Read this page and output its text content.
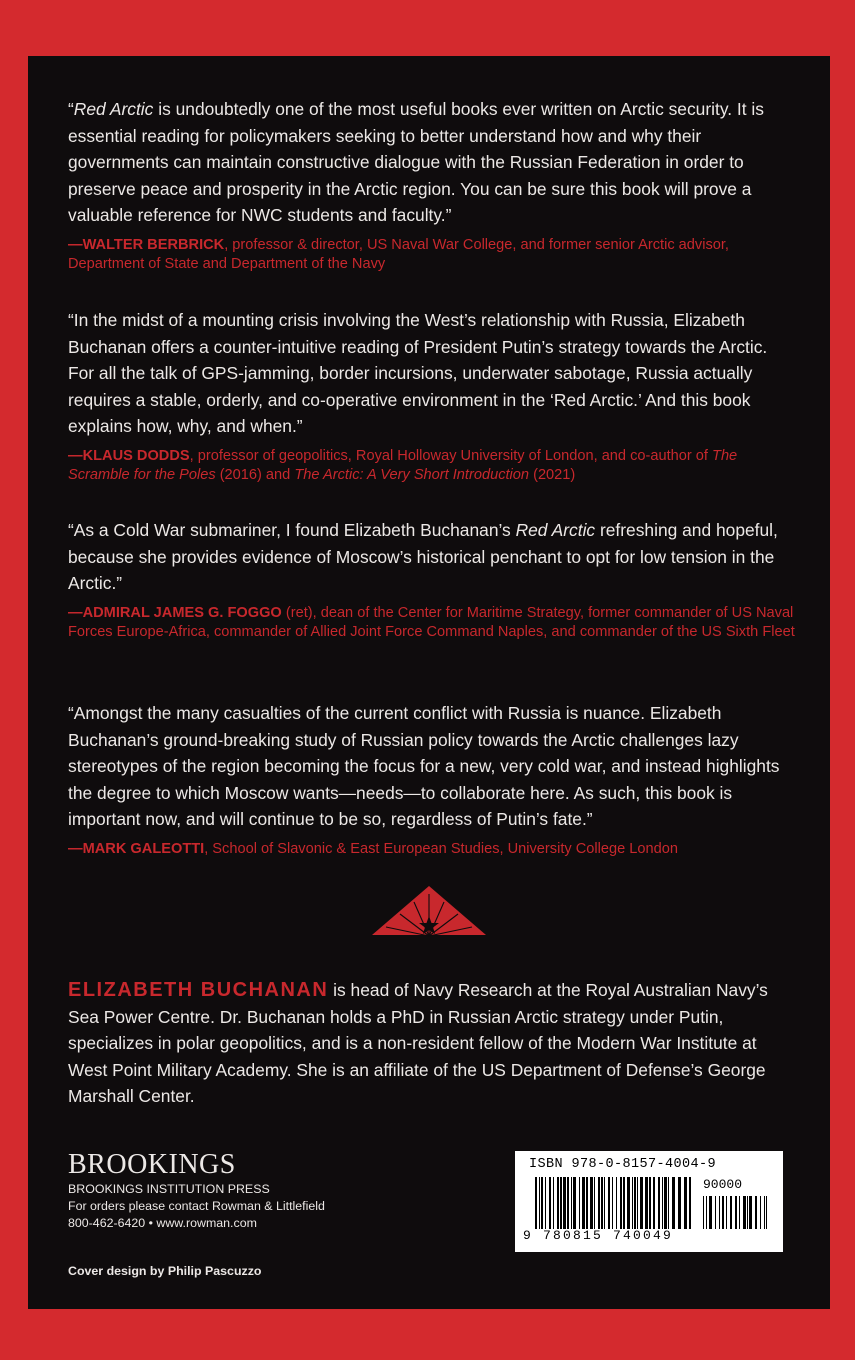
“Red Arctic is undoubtedly one of the most useful books ever written on Arctic security. It is essential reading for policymakers seeking to better understand how and why their governments can maintain constructive dialogue with the Russian Federation in order to preserve peace and prosperity in the Arctic region. You can be sure this book will prove a valuable reference for NWC students and faculty.”

—WALTER BERBRICK, professor & director, US Naval War College, and former senior Arctic advisor, Department of State and Department of the Navy

“In the midst of a mounting crisis involving the West’s relationship with Russia, Elizabeth Buchanan offers a counter-intuitive reading of President Putin’s strategy towards the Arctic. For all the talk of GPS-jamming, border incursions, underwater sabotage, Russia actually requires a stable, orderly, and co-operative environment in the ‘Red Arctic.’ And this book explains how, why, and when.”

—KLAUS DODDS, professor of geopolitics, Royal Holloway University of London, and co-author of The Scramble for the Poles (2016) and The Arctic: A Very Short Introduction (2021)

“As a Cold War submariner, I found Elizabeth Buchanan’s Red Arctic refreshing and hopeful, because she provides evidence of Moscow’s historical penchant to opt for low tension in the Arctic.”

—ADMIRAL JAMES G. FOGGO (ret), dean of the Center for Maritime Strategy, former commander of US Naval Forces Europe-Africa, commander of Allied Joint Force Command Naples, and commander of the US Sixth Fleet

“Amongst the many casualties of the current conflict with Russia is nuance. Elizabeth Buchanan’s ground-breaking study of Russian policy towards the Arctic challenges lazy stereotypes of the region becoming the focus for a new, very cold war, and instead highlights the degree to which Moscow wants—needs—to collaborate here. As such, this book is important now, and will continue to be so, regardless of Putin’s fate.”

—MARK GALEOTTI, School of Slavonic & East European Studies, University College London

ELIZABETH BUCHANAN is head of Navy Research at the Royal Australian Navy’s Sea Power Centre. Dr. Buchanan holds a PhD in Russian Arctic strategy under Putin, specializes in polar geopolitics, and is a non-resident fellow of the Modern War Institute at West Point Military Academy. She is an affiliate of the US Department of Defense’s George Marshall Center.

BROOKINGS
BROOKINGS INSTITUTION PRESS
For orders please contact Rowman & Littlefield
800-462-6420 • www.rowman.com
Cover design by Philip Pascuzzo
ISBN 978-0-8157-4004-9
90000
9 780815 740049
